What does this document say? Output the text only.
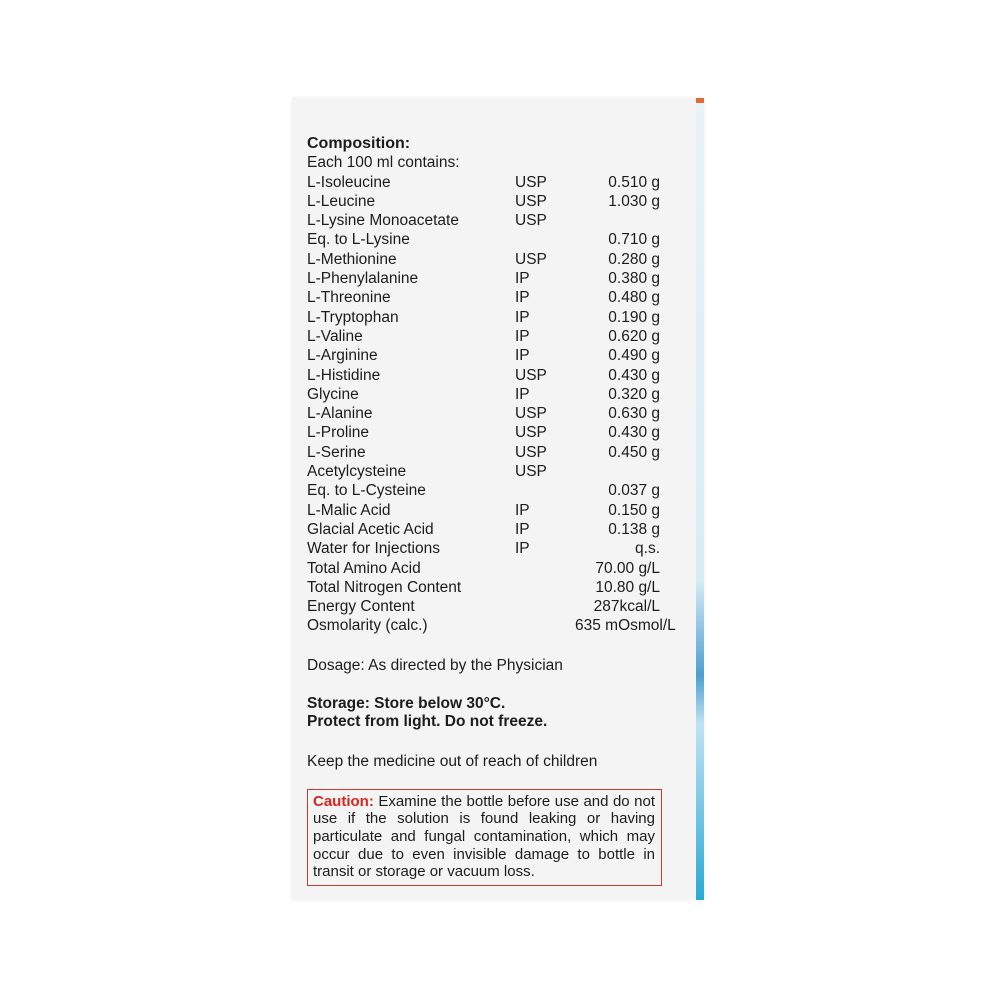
Composition:
Each 100 ml contains:
L-Isoleucine	USP	0.510 g
L-Leucine	USP	1.030 g
L-Lysine Monoacetate	USP
Eq. to L-Lysine	0.710 g
L-Methionine	USP	0.280 g
L-Phenylalanine	IP	0.380 g
L-Threonine	IP	0.480 g
L-Tryptophan	IP	0.190 g
L-Valine	IP	0.620 g
L-Arginine	IP	0.490 g
L-Histidine	USP	0.430 g
Glycine	IP	0.320 g
L-Alanine	USP	0.630 g
L-Proline	USP	0.430 g
L-Serine	USP	0.450 g
Acetylcysteine	USP
Eq. to L-Cysteine	0.037 g
L-Malic Acid	IP	0.150 g
Glacial Acetic Acid	IP	0.138 g
Water for Injections	IP	q.s.
Total Amino Acid	70.00 g/L
Total Nitrogen Content	10.80 g/L
Energy Content	287kcal/L
Osmolarity (calc.)	635 mOsmol/L
Dosage: As directed by the Physician
Storage: Store below 30°C.
Protect from light. Do not freeze.
Keep the medicine out of reach of children
Caution: Examine the bottle before use and do not use if the solution is found leaking or having particulate and fungal contamination, which may occur due to even invisible damage to bottle in transit or storage or vacuum loss.
